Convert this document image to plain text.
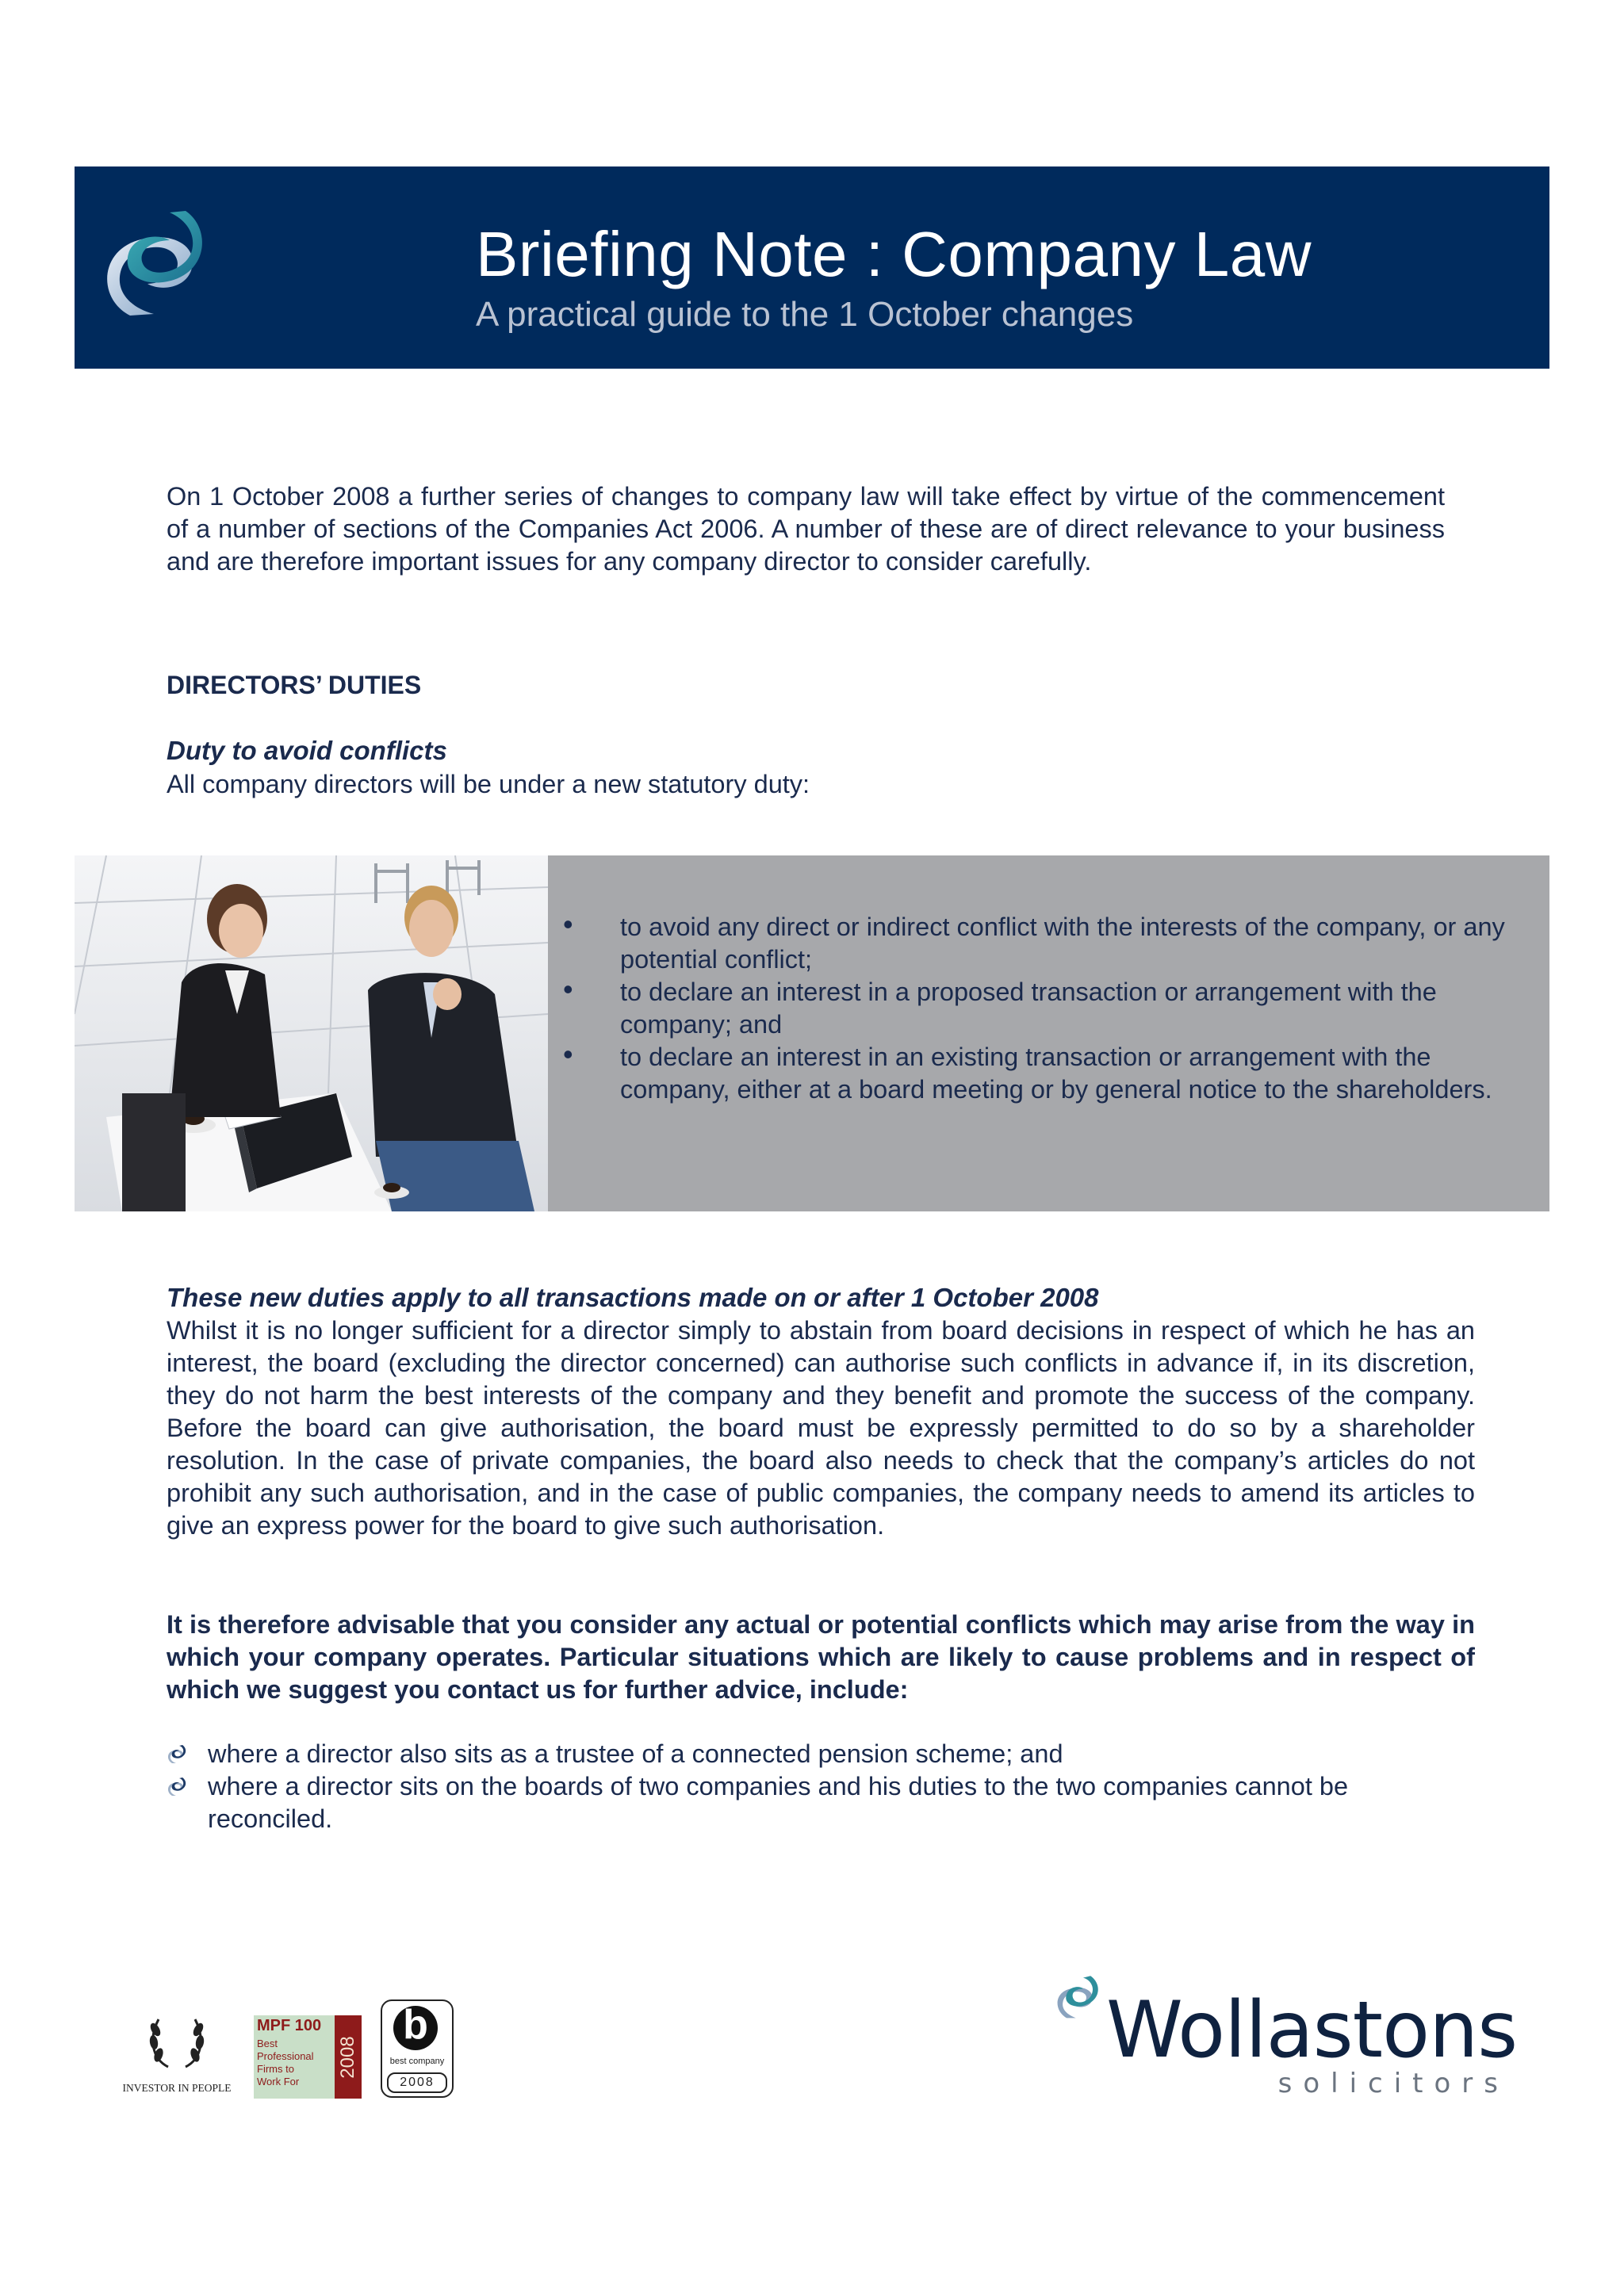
Briefing Note : Company Law
A practical guide to the 1 October changes
On 1 October 2008 a further series of changes to company law will take effect by virtue of the commencement of a number of sections of the Companies Act 2006. A number of these are of direct relevance to your business and are therefore important issues for any company director to consider carefully.
DIRECTORS’ DUTIES
Duty to avoid conflicts
All company directors will be under a new statutory duty:
• to avoid any direct or indirect conflict with the interests of the company, or any potential conflict;
• to declare an interest in a proposed transaction or arrangement with the company; and
• to declare an interest in an existing transaction or arrangement with the company, either at a board meeting or by general notice to the shareholders.
These new duties apply to all transactions made on or after 1 October 2008
Whilst it is no longer sufficient for a director simply to abstain from board decisions in respect of which he has an interest, the board (excluding the director concerned) can authorise such conflicts in advance if, in its discretion, they do not harm the best interests of the company and they benefit and promote the success of the company. Before the board can give authorisation, the board must be expressly permitted to do so by a shareholder resolution. In the case of private companies, the board also needs to check that the company’s articles do not prohibit any such authorisation, and in the case of public companies, the company needs to amend its articles to give an express power for the board to give such authorisation.
It is therefore advisable that you consider any actual or potential conflicts which may arise from the way in which your company operates. Particular situations which are likely to cause problems and in respect of which we suggest you contact us for further advice, include:
where a director also sits as a trustee of a connected pension scheme; and
where a director sits on the boards of two companies and his duties to the two companies cannot be reconciled.
INVESTOR IN PEOPLE
MPF 100
Best
Professional
Firms to
Work For
2008
b
best company
2008
Wollastons
solicitors
